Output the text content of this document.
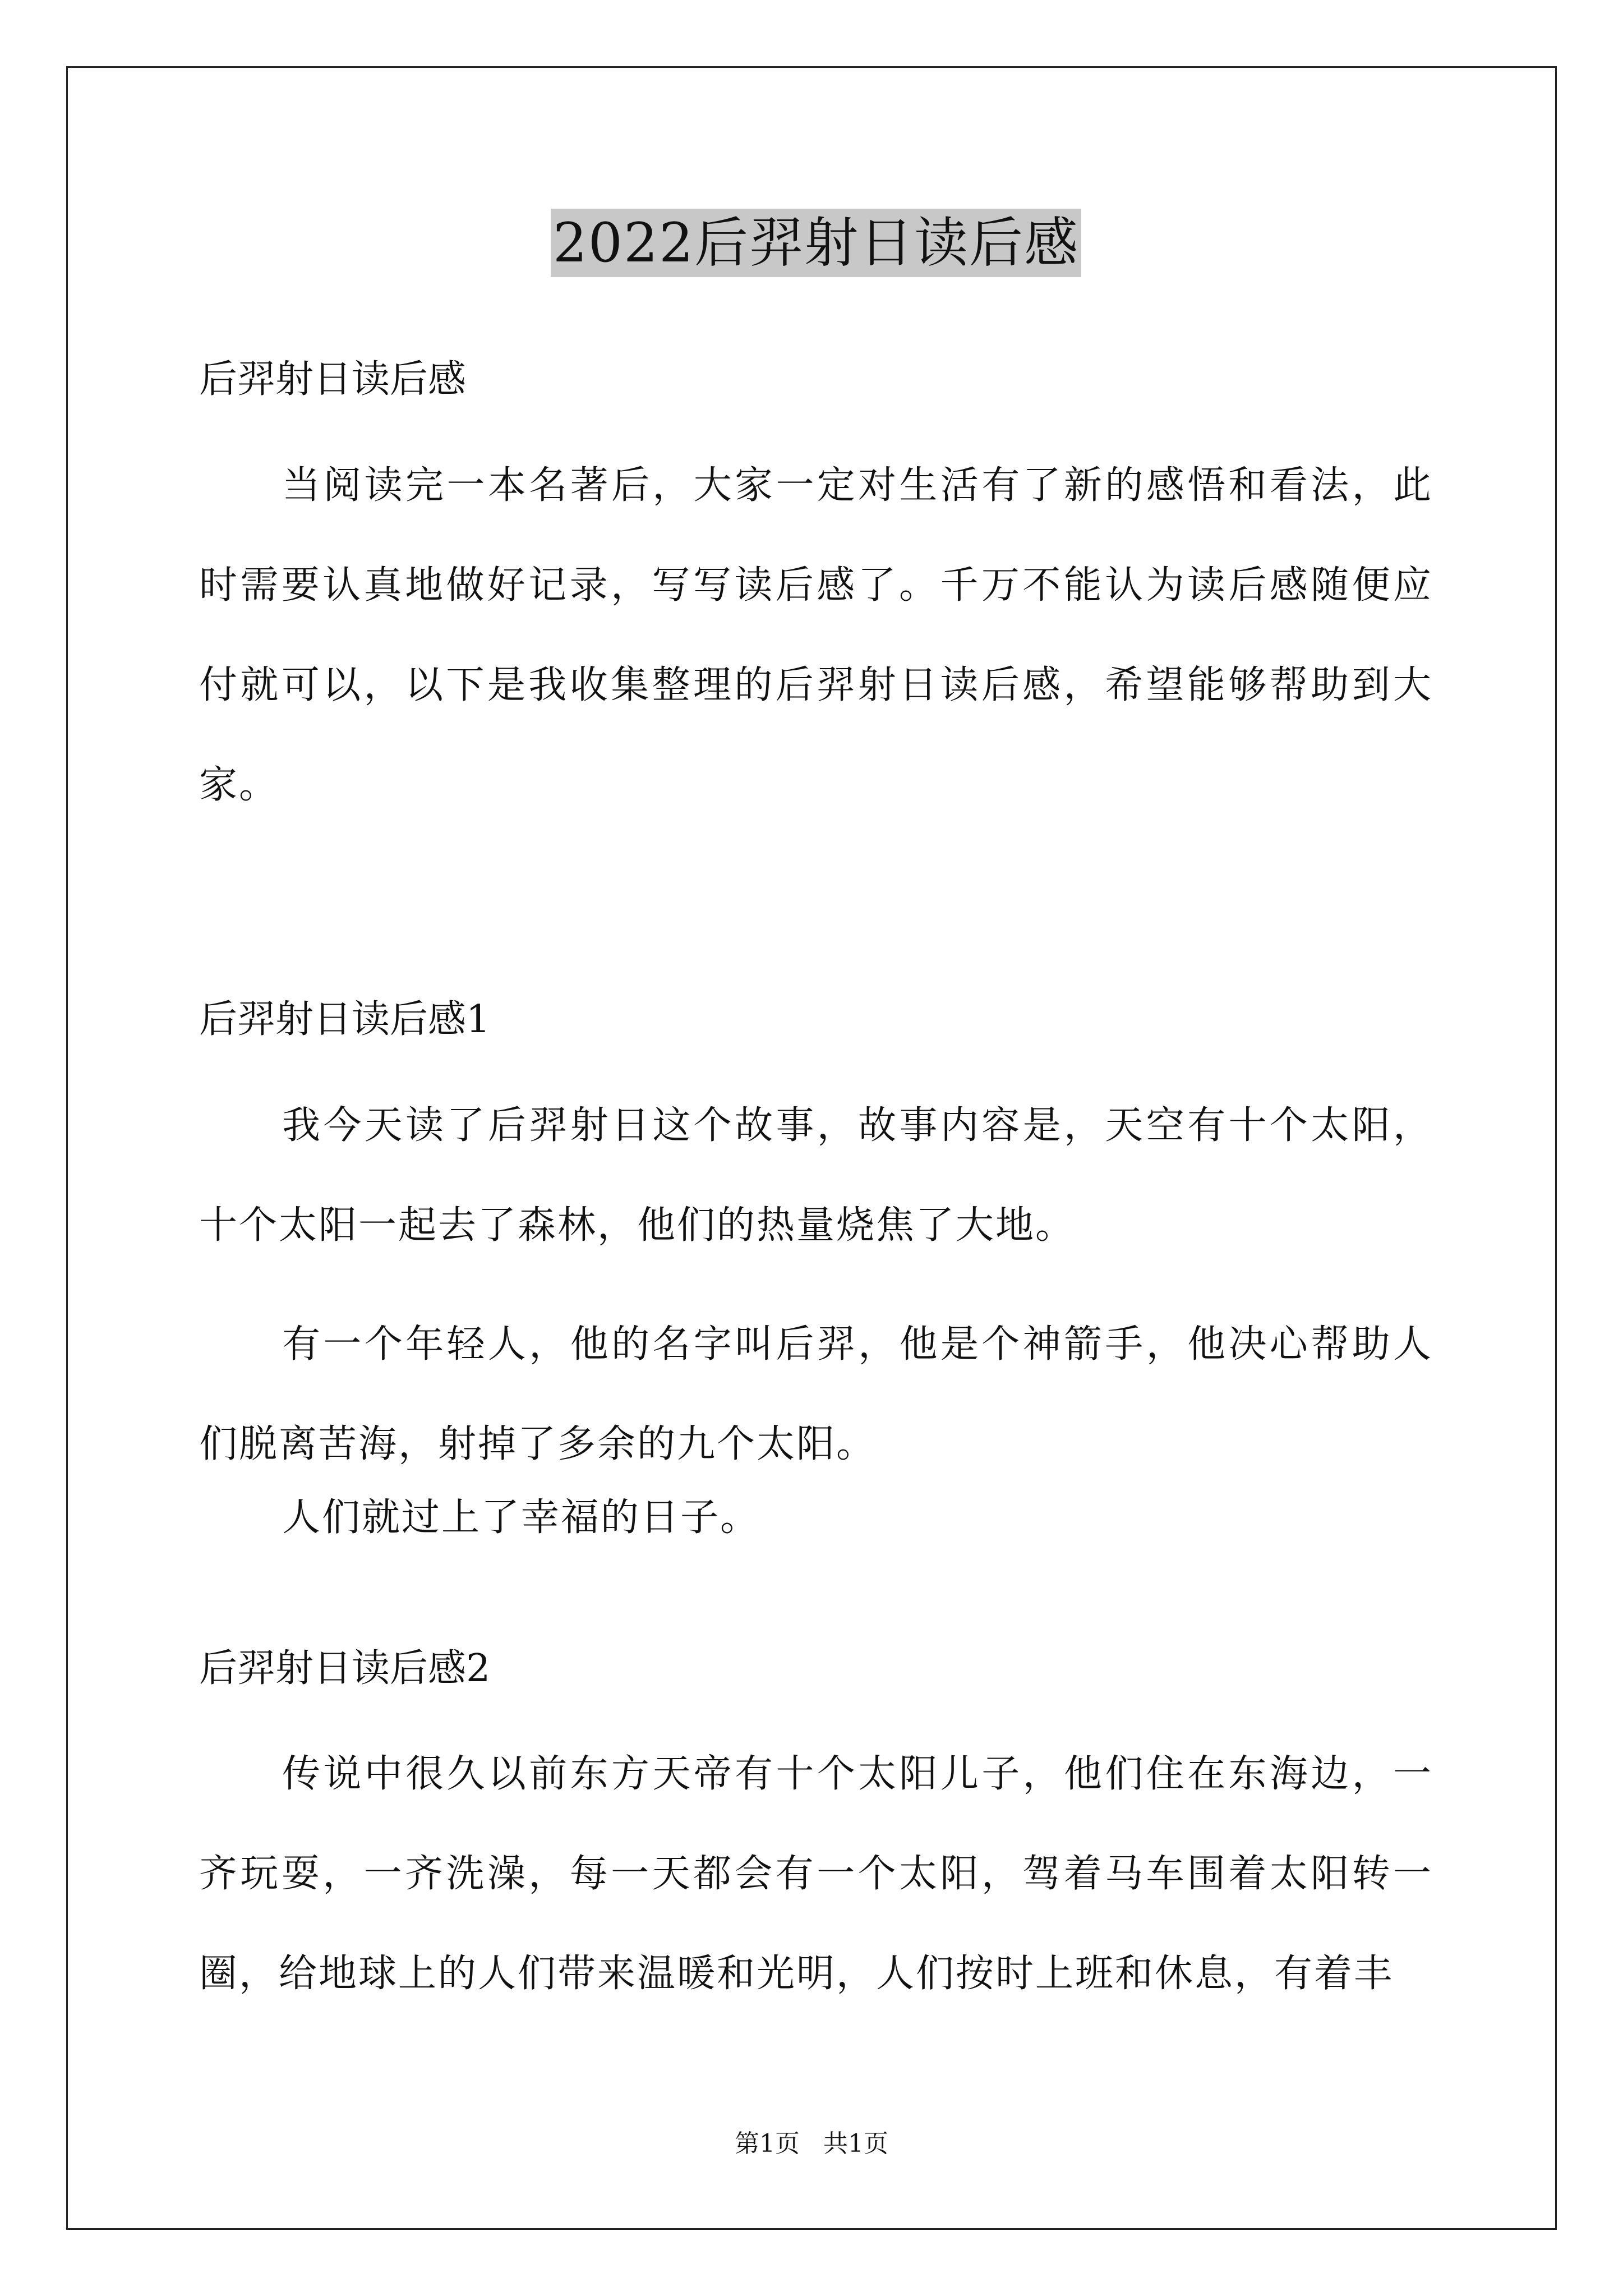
2022后羿射日读后感
后羿射日读后感
当阅读完一本名著后，大家一定对生活有了新的感悟和看法，此时需要认真地做好记录，写写读后感了。千万不能认为读后感随便应付就可以，以下是我收集整理的后羿射日读后感，希望能够帮助到大家。
后羿射日读后感1
我今天读了后羿射日这个故事，故事内容是，天空有十个太阳，十个太阳一起去了森林，他们的热量烧焦了大地。
有一个年轻人，他的名字叫后羿，他是个神箭手，他决心帮助人们脱离苦海，射掉了多余的九个太阳。
人们就过上了幸福的日子。
后羿射日读后感2
传说中很久以前东方天帝有十个太阳儿子，他们住在东海边，一齐玩耍，一齐洗澡，每一天都会有一个太阳，驾着马车围着太阳转一圈，给地球上的人们带来温暖和光明，人们按时上班和休息，有着丰
第1页 共1页
